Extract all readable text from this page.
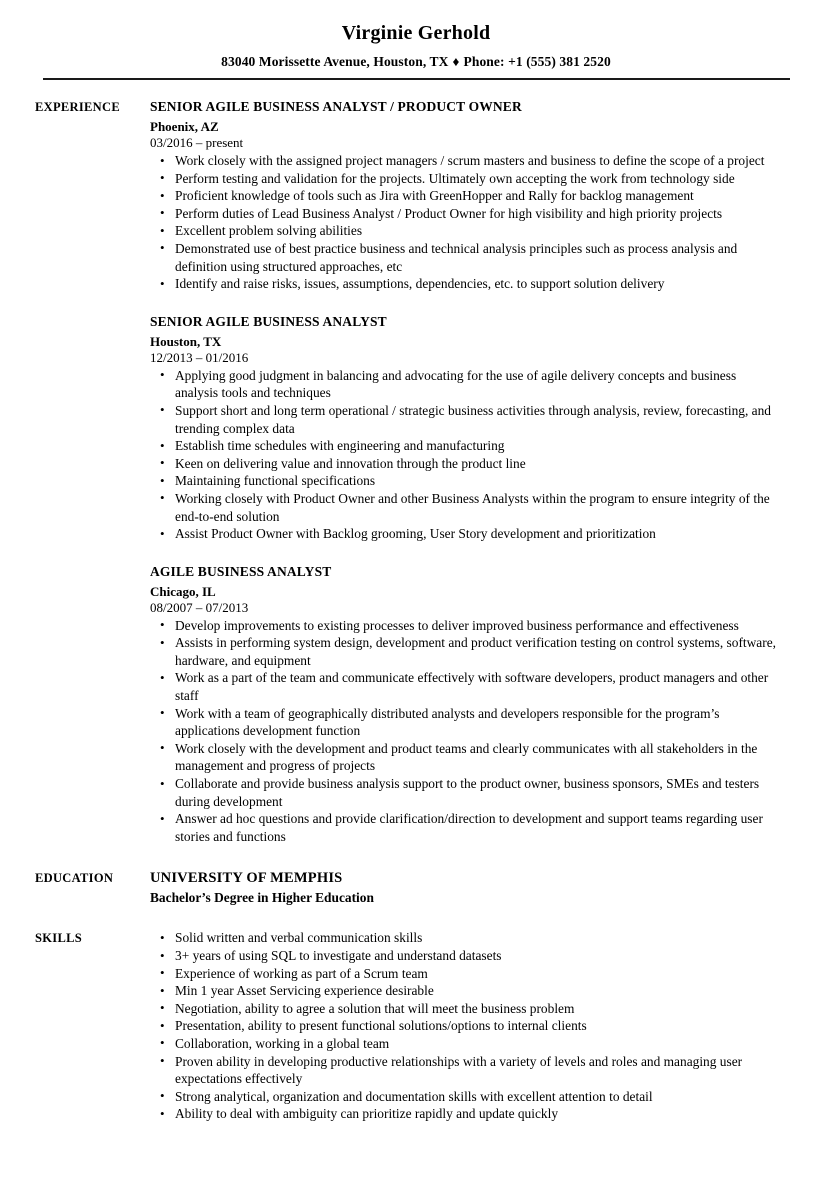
Virginie Gerhold
83040 Morissette Avenue, Houston, TX ♦ Phone: +1 (555) 381 2520
EXPERIENCE	SENIOR AGILE BUSINESS ANALYST / PRODUCT OWNER
Phoenix, AZ
03/2016 – present
• Work closely with the assigned project managers / scrum masters and business to define the scope of a project
• Perform testing and validation for the projects. Ultimately own accepting the work from technology side
• Proficient knowledge of tools such as Jira with GreenHopper and Rally for backlog management
• Perform duties of Lead Business Analyst / Product Owner for high visibility and high priority projects
• Excellent problem solving abilities
• Demonstrated use of best practice business and technical analysis principles such as process analysis and definition using structured approaches, etc
• Identify and raise risks, issues, assumptions, dependencies, etc. to support solution delivery
SENIOR AGILE BUSINESS ANALYST
Houston, TX
12/2013 – 01/2016
• Applying good judgment in balancing and advocating for the use of agile delivery concepts and business analysis tools and techniques
• Support short and long term operational / strategic business activities through analysis, review, forecasting, and trending complex data
• Establish time schedules with engineering and manufacturing
• Keen on delivering value and innovation through the product line
• Maintaining functional specifications
• Working closely with Product Owner and other Business Analysts within the program to ensure integrity of the end-to-end solution
• Assist Product Owner with Backlog grooming, User Story development and prioritization
AGILE BUSINESS ANALYST
Chicago, IL
08/2007 – 07/2013
• Develop improvements to existing processes to deliver improved business performance and effectiveness
• Assists in performing system design, development and product verification testing on control systems, software, hardware, and equipment
• Work as a part of the team and communicate effectively with software developers, product managers and other staff
• Work with a team of geographically distributed analysts and developers responsible for the program’s applications development function
• Work closely with the development and product teams and clearly communicates with all stakeholders in the management and progress of projects
• Collaborate and provide business analysis support to the product owner, business sponsors, SMEs and testers during development
• Answer ad hoc questions and provide clarification/direction to development and support teams regarding user stories and functions
EDUCATION	UNIVERSITY OF MEMPHIS
Bachelor’s Degree in Higher Education
SKILLS	• Solid written and verbal communication skills
• 3+ years of using SQL to investigate and understand datasets
• Experience of working as part of a Scrum team
• Min 1 year Asset Servicing experience desirable
• Negotiation, ability to agree a solution that will meet the business problem
• Presentation, ability to present functional solutions/options to internal clients
• Collaboration, working in a global team
• Proven ability in developing productive relationships with a variety of levels and roles and managing user expectations effectively
• Strong analytical, organization and documentation skills with excellent attention to detail
• Ability to deal with ambiguity can prioritize rapidly and update quickly
